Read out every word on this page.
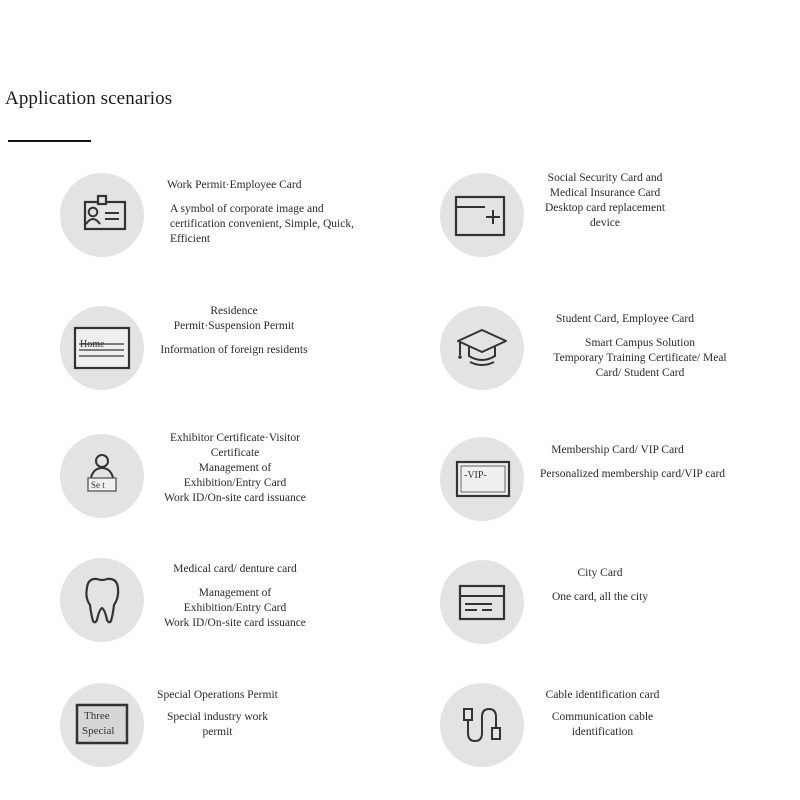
Application scenarios
Work Permit·Employee Card
A symbol of corporate image and
certification convenient, Simple, Quick,
Efficient
Social Security Card and
Medical Insurance Card
Desktop card replacement
device
Home
Residence
Permit·Suspension Permit
Information of foreign residents
Student Card, Employee Card
Smart Campus Solution
Temporary Training Certificate/ Meal
Card/ Student Card
Se t
Exhibitor Certificate·Visitor
Certificate
Management of
Exhibition/Entry Card
Work ID/On-site card issuance
-VIP-
Membership Card/ VIP Card
Personalized membership card/VIP card
Medical card/ denture card
Management of
Exhibition/Entry Card
Work ID/On-site card issuance
City Card
One card, all the city
Three
Special
Special Operations Permit
Special industry work
permit
Cable identification card
Communication cable
identification
